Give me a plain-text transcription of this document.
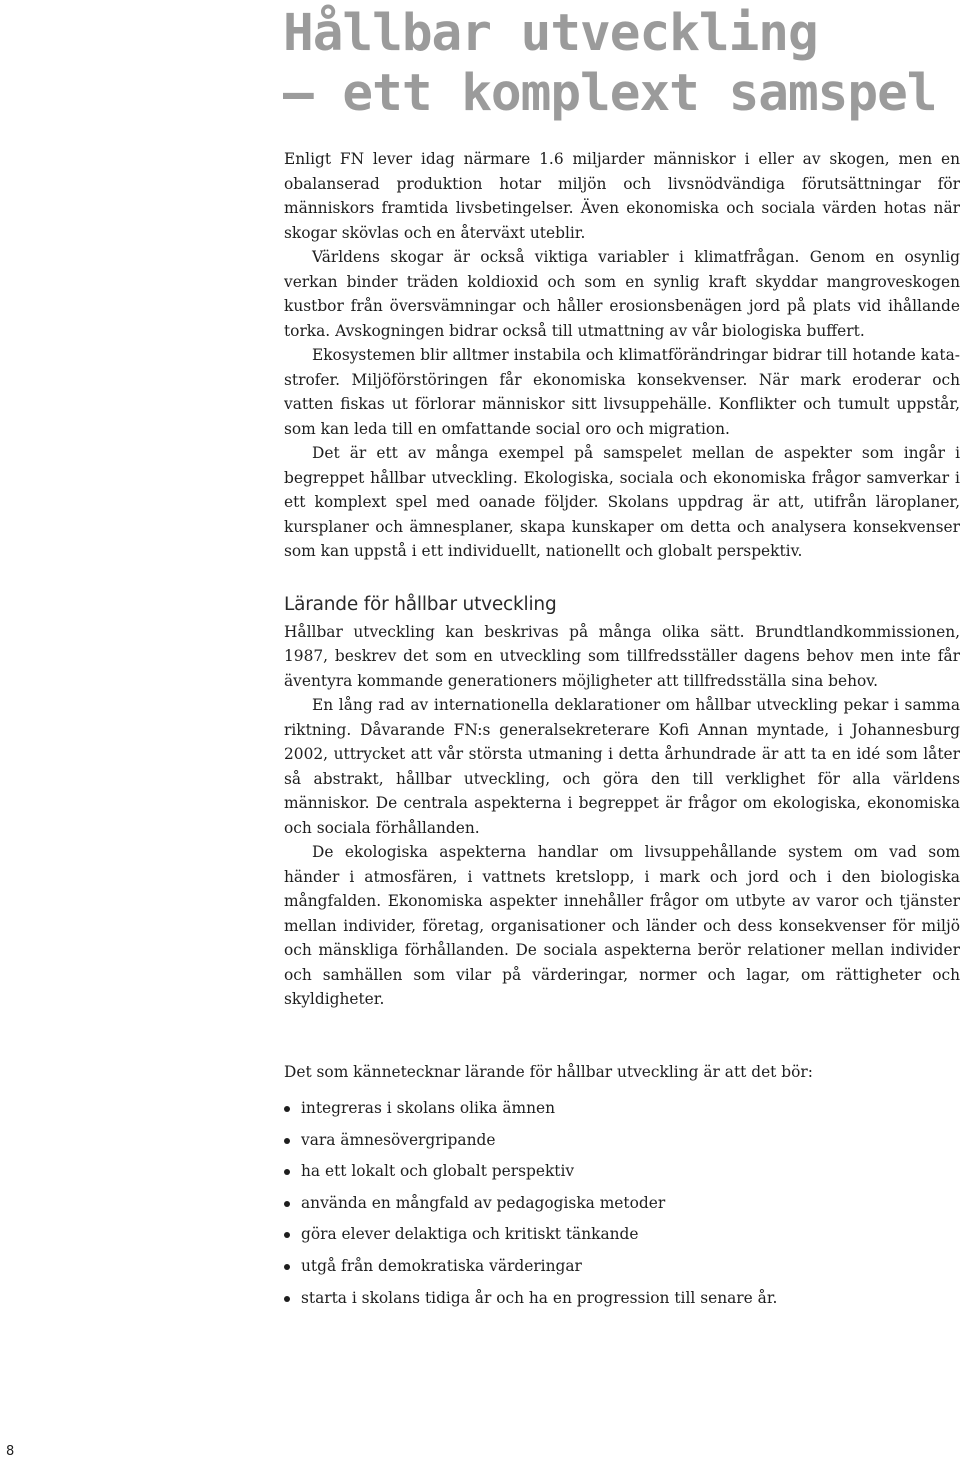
Hållbar utveckling
– ett komplext samspel

Enligt FN lever idag närmare 1.6 miljarder människor i eller av skogen, men en obalanserad produktion hotar miljön och livsnödvändiga förutsättningar för människors framtida livsbetingelser. Även ekonomiska och sociala värden hotas när skogar skövlas och en återväxt uteblir.

Världens skogar är också viktiga variabler i klimatfrågan. Genom en osynlig verkan binder träden koldioxid och som en synlig kraft skyddar mangroveskogen kustbor från översvämningar och håller erosionsbenägen jord på plats vid ihållande torka. Avskogningen bidrar också till utmattning av vår biologiska buffert.

Ekosystemen blir alltmer instabila och klimatförändringar bidrar till hotande katastrofer. Miljöförstöringen får ekonomiska konsekvenser. När mark eroderar och vatten fiskas ut förlorar människor sitt livsuppehälle. Konflikter och tumult uppstår, som kan leda till en omfattande social oro och migration.

Det är ett av många exempel på samspelet mellan de aspekter som ingår i begreppet hållbar utveckling. Ekologiska, sociala och ekonomiska frågor samverkar i ett komplext spel med oanade följder. Skolans uppdrag är att, utifrån läroplaner, kursplaner och ämnesplaner, skapa kunskaper om detta och analysera konsekvenser som kan uppstå i ett individuellt, nationellt och globalt perspektiv.

Lärande för hållbar utveckling

Hållbar utveckling kan beskrivas på många olika sätt. Brundtlandkommissionen, 1987, beskrev det som en utveckling som tillfredsställer dagens behov men inte får äventyra kommande generationers möjligheter att tillfredsställa sina behov.

En lång rad av internationella deklarationer om hållbar utveckling pekar i samma riktning. Dåvarande FN:s generalsekreterare Kofi Annan myntade, i Johannesburg 2002, uttrycket att vår största utmaning i detta århundrade är att ta en idé som låter så abstrakt, hållbar utveckling, och göra den till verklighet för alla världens människor. De centrala aspekterna i begreppet är frågor om ekologiska, ekonomiska och sociala förhållanden.

De ekologiska aspekterna handlar om livsuppehållande system om vad som händer i atmosfären, i vattnets kretslopp, i mark och jord och i den biologiska mångfalden. Ekonomiska aspekter innehåller frågor om utbyte av varor och tjänster mellan individer, företag, organisationer och länder och dess konsekvenser för miljö och mänskliga förhållanden. De sociala aspekterna berör relationer mellan individer och samhällen som vilar på värderingar, normer och lagar, om rättigheter och skyldigheter.

Det som kännetecknar lärande för hållbar utveckling är att det bör:

integreras i skolans olika ämnen
vara ämnesövergripande
ha ett lokalt och globalt perspektiv
använda en mångfald av pedagogiska metoder
göra elever delaktiga och kritiskt tänkande
utgå från demokratiska värderingar
starta i skolans tidiga år och ha en progression till senare år.
8
